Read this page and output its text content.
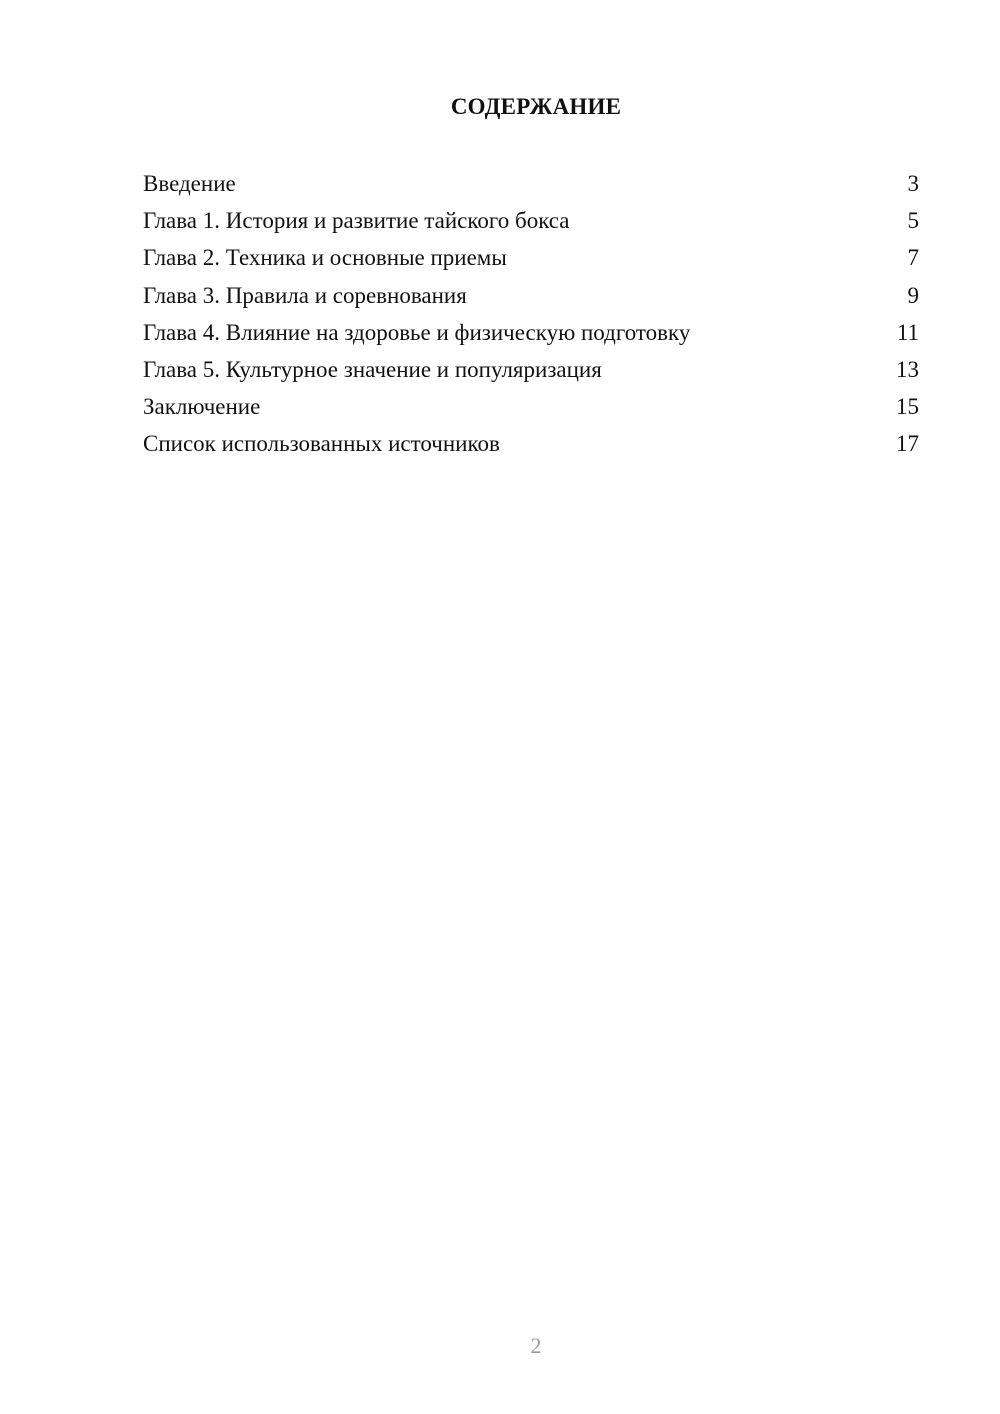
СОДЕРЖАНИЕ
Введение	3
Глава 1. История и развитие тайского бокса	5
Глава 2. Техника и основные приемы	7
Глава 3. Правила и соревнования	9
Глава 4. Влияние на здоровье и физическую подготовку	11
Глава 5. Культурное значение и популяризация	13
Заключение	15
Список использованных источников	17
2
